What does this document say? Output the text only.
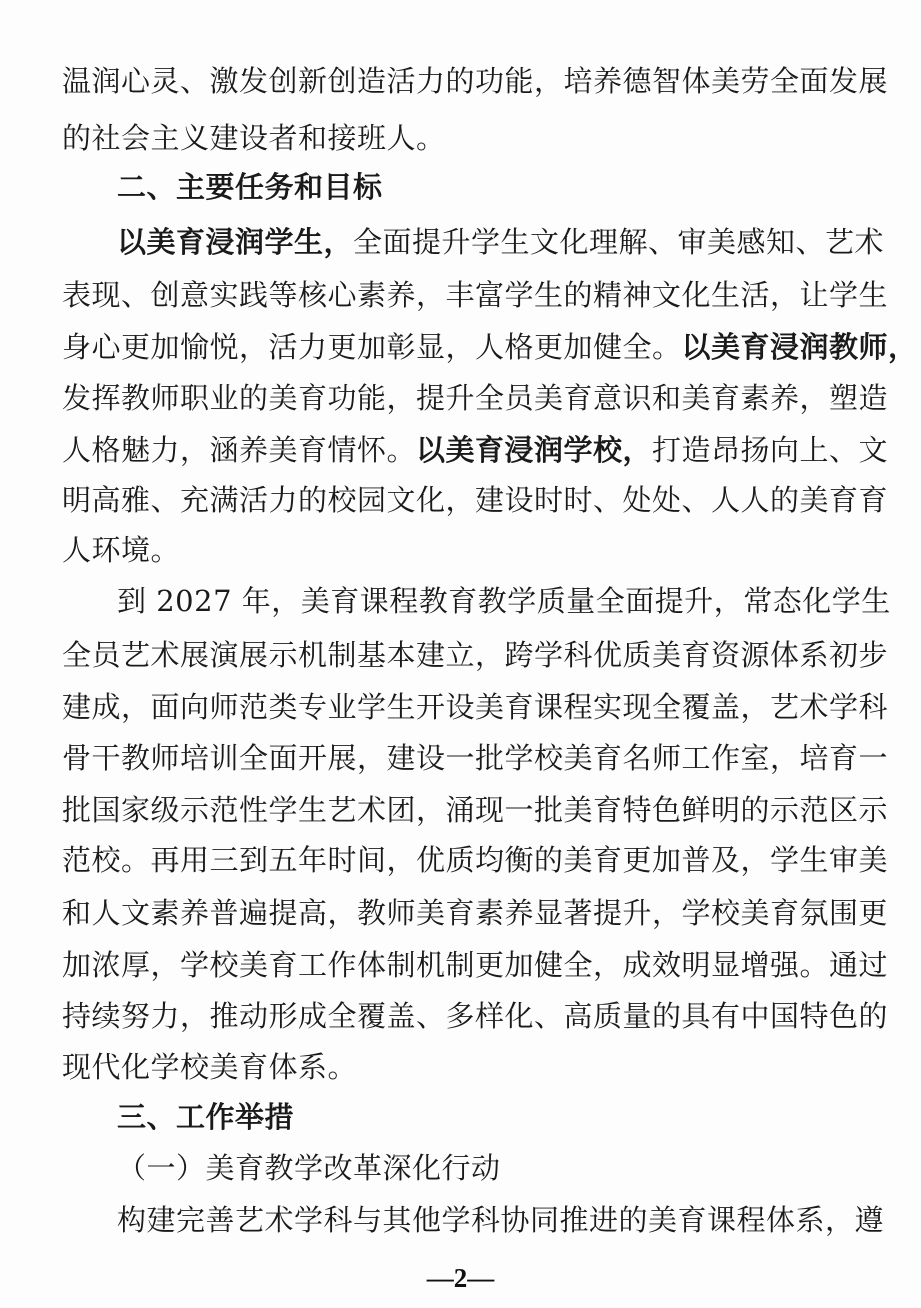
温润心灵、激发创新创造活力的功能，培养德智体美劳全面发展

的社会主义建设者和接班人。

二、主要任务和目标

以美育浸润学生，全面提升学生文化理解、审美感知、艺术

表现、创意实践等核心素养，丰富学生的精神文化生活，让学生

身心更加愉悦，活力更加彰显，人格更加健全。以美育浸润教师，

发挥教师职业的美育功能，提升全员美育意识和美育素养，塑造

人格魅力，涵养美育情怀。以美育浸润学校，打造昂扬向上、文

明高雅、充满活力的校园文化，建设时时、处处、人人的美育育

人环境。

到 2027 年，美育课程教育教学质量全面提升，常态化学生

全员艺术展演展示机制基本建立，跨学科优质美育资源体系初步

建成，面向师范类专业学生开设美育课程实现全覆盖，艺术学科

骨干教师培训全面开展，建设一批学校美育名师工作室，培育一

批国家级示范性学生艺术团，涌现一批美育特色鲜明的示范区示

范校。再用三到五年时间，优质均衡的美育更加普及，学生审美

和人文素养普遍提高，教师美育素养显著提升，学校美育氛围更

加浓厚，学校美育工作体制机制更加健全，成效明显增强。通过

持续努力，推动形成全覆盖、多样化、高质量的具有中国特色的

现代化学校美育体系。

三、工作举措

（一）美育教学改革深化行动

构建完善艺术学科与其他学科协同推进的美育课程体系，遵

—2—
